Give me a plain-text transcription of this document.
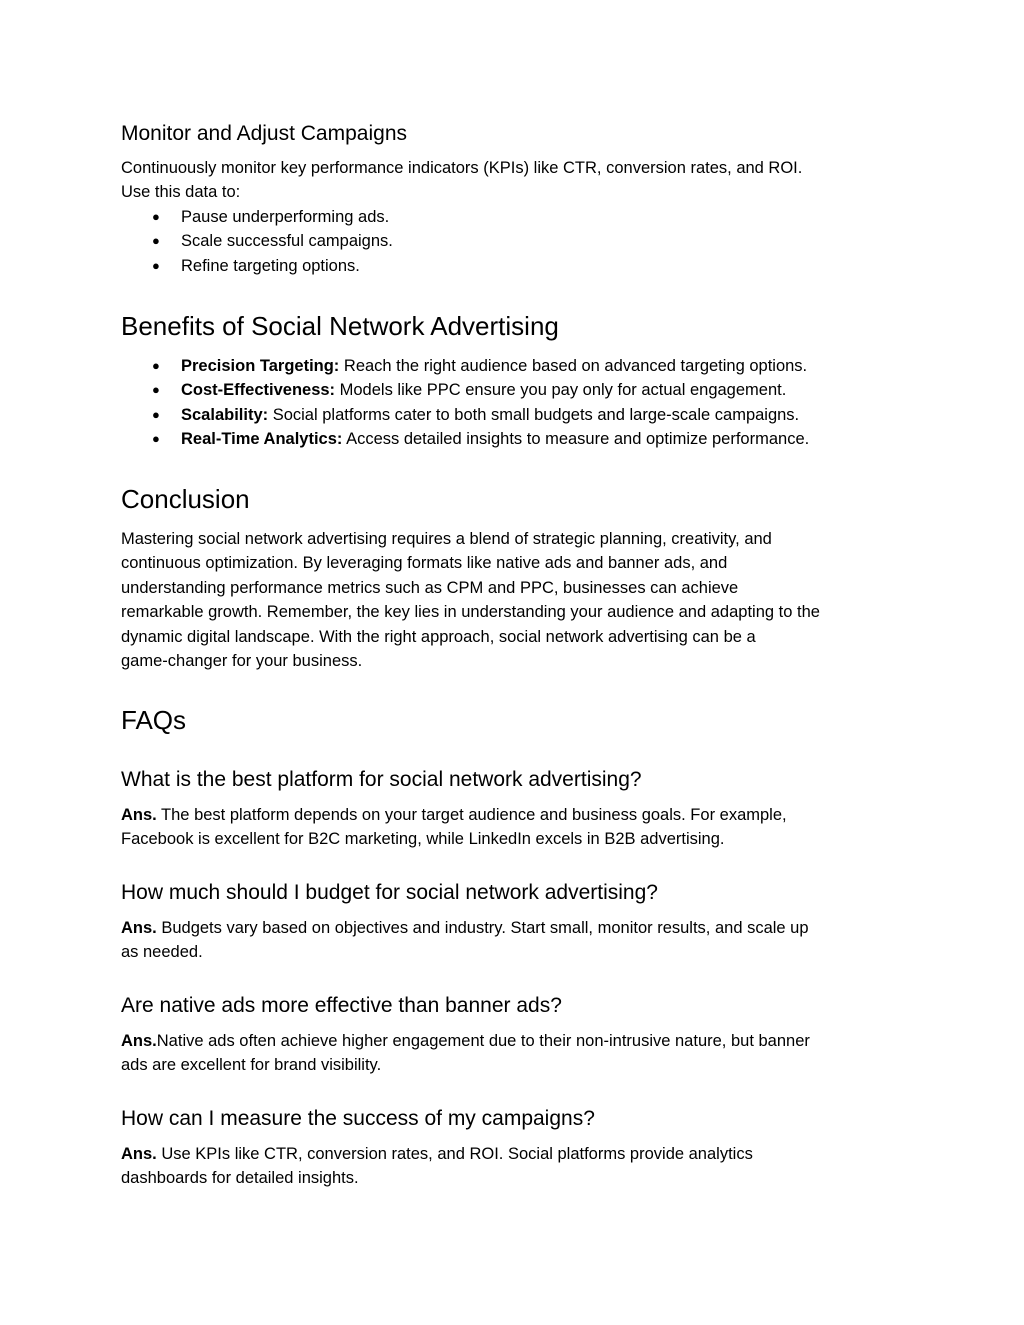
Monitor and Adjust Campaigns

Continuously monitor key performance indicators (KPIs) like CTR, conversion rates, and ROI.

Use this data to:

● Pause underperforming ads.
● Scale successful campaigns.
● Refine targeting options.
Benefits of Social Network Advertising
● Precision Targeting: Reach the right audience based on advanced targeting options.
● Cost-Effectiveness: Models like PPC ensure you pay only for actual engagement.
● Scalability: Social platforms cater to both small budgets and large-scale campaigns.
● Real-Time Analytics: Access detailed insights to measure and optimize performance.
Conclusion
Mastering social network advertising requires a blend of strategic planning, creativity, and
continuous optimization. By leveraging formats like native ads and banner ads, and
understanding performance metrics such as CPM and PPC, businesses can achieve
remarkable growth. Remember, the key lies in understanding your audience and adapting to the
dynamic digital landscape. With the right approach, social network advertising can be a
game-changer for your business.
FAQs
What is the best platform for social network advertising?
Ans. The best platform depends on your target audience and business goals. For example,
Facebook is excellent for B2C marketing, while LinkedIn excels in B2B advertising.
How much should I budget for social network advertising?
Ans. Budgets vary based on objectives and industry. Start small, monitor results, and scale up
as needed.
Are native ads more effective than banner ads?
Ans.Native ads often achieve higher engagement due to their non-intrusive nature, but banner
ads are excellent for brand visibility.
How can I measure the success of my campaigns?
Ans. Use KPIs like CTR, conversion rates, and ROI. Social platforms provide analytics
dashboards for detailed insights.
